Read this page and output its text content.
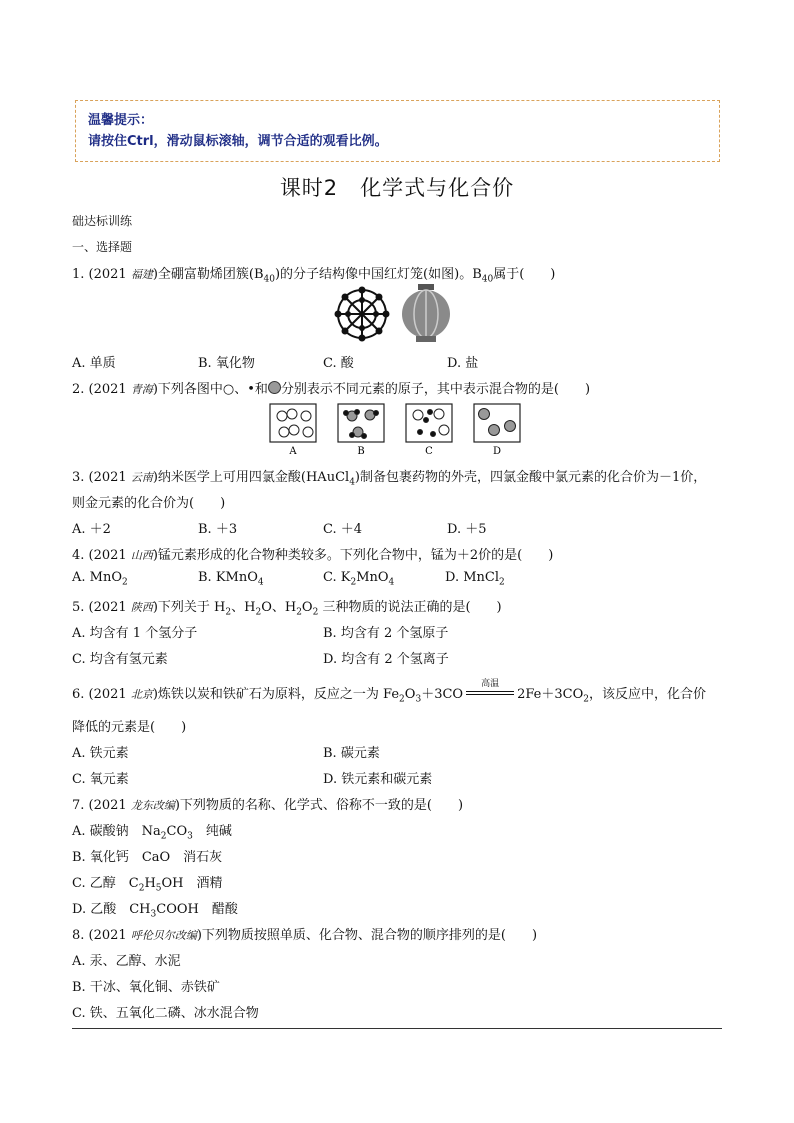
温馨提示：
请按住Ctrl，滑动鼠标滚轴，调节合适的观看比例。
课时2　化学式与化合价
础达标训练
一、选择题
1. (2021 福建)全硼富勒烯团簇$(B_{40})$的分子结构像中国红灯笼(如图)。$B_{40}$属于(　　)
A. 单质	B. 氧化物	C. 酸	D. 盐
2. (2021 青海)下列各图中○、•和 分别表示不同元素的原子，其中表示混合物的是(　　)
A	B	C	D
3. (2021 云南)纳米医学上可用四氯金酸(HAuCl$_4$)制备包裹药物的外壳，四氯金酸中氯元素的化合价为－1价，
则金元素的化合价为(　　)
A. ＋2	B. ＋3	C. ＋4	D. ＋5
4. (2021 山西)锰元素形成的化合物种类较多。下列化合物中，锰为＋2价的是(　　)
A. MnO$_2$	B. KMnO$_4$	C. $K_2MnO_4$	D. MnCl$_2$
5. (2021 陕西)下列关于 $H_2$、$H_2O$、$H_2O_2$ 三种物质的说法正确的是(　　)
A. 均含有 1 个氢分子	B. 均含有 2 个氢原子
C. 均含有氢元素	D. 均含有 2 个氢离子
6. (2021 北京)炼铁以炭和铁矿石为原料，反应之一为 $Fe_2O_3+3CO$
高温
$2Fe+3CO_2$，该反应中，化合价
降低的元素是(　　)
A. 铁元素	B. 碳元素
C. 氧元素	D. 铁元素和碳元素
7. (2021 龙东改编)下列物质的名称、化学式、俗称不一致的是(　　)
A. 碳酸钠　$Na_2CO_3$　纯碱
B. 氧化钙　CaO　消石灰
C. 乙醇　$C_2H_5OH$　酒精
D. 乙酸　$CH_3COOH$　醋酸
8. (2021 呼伦贝尔改编)下列物质按照单质、化合物、混合物的顺序排列的是(　　)
A. 汞、乙醇、水泥
B. 干冰、氧化铜、赤铁矿
C. 铁、五氧化二磷、冰水混合物
